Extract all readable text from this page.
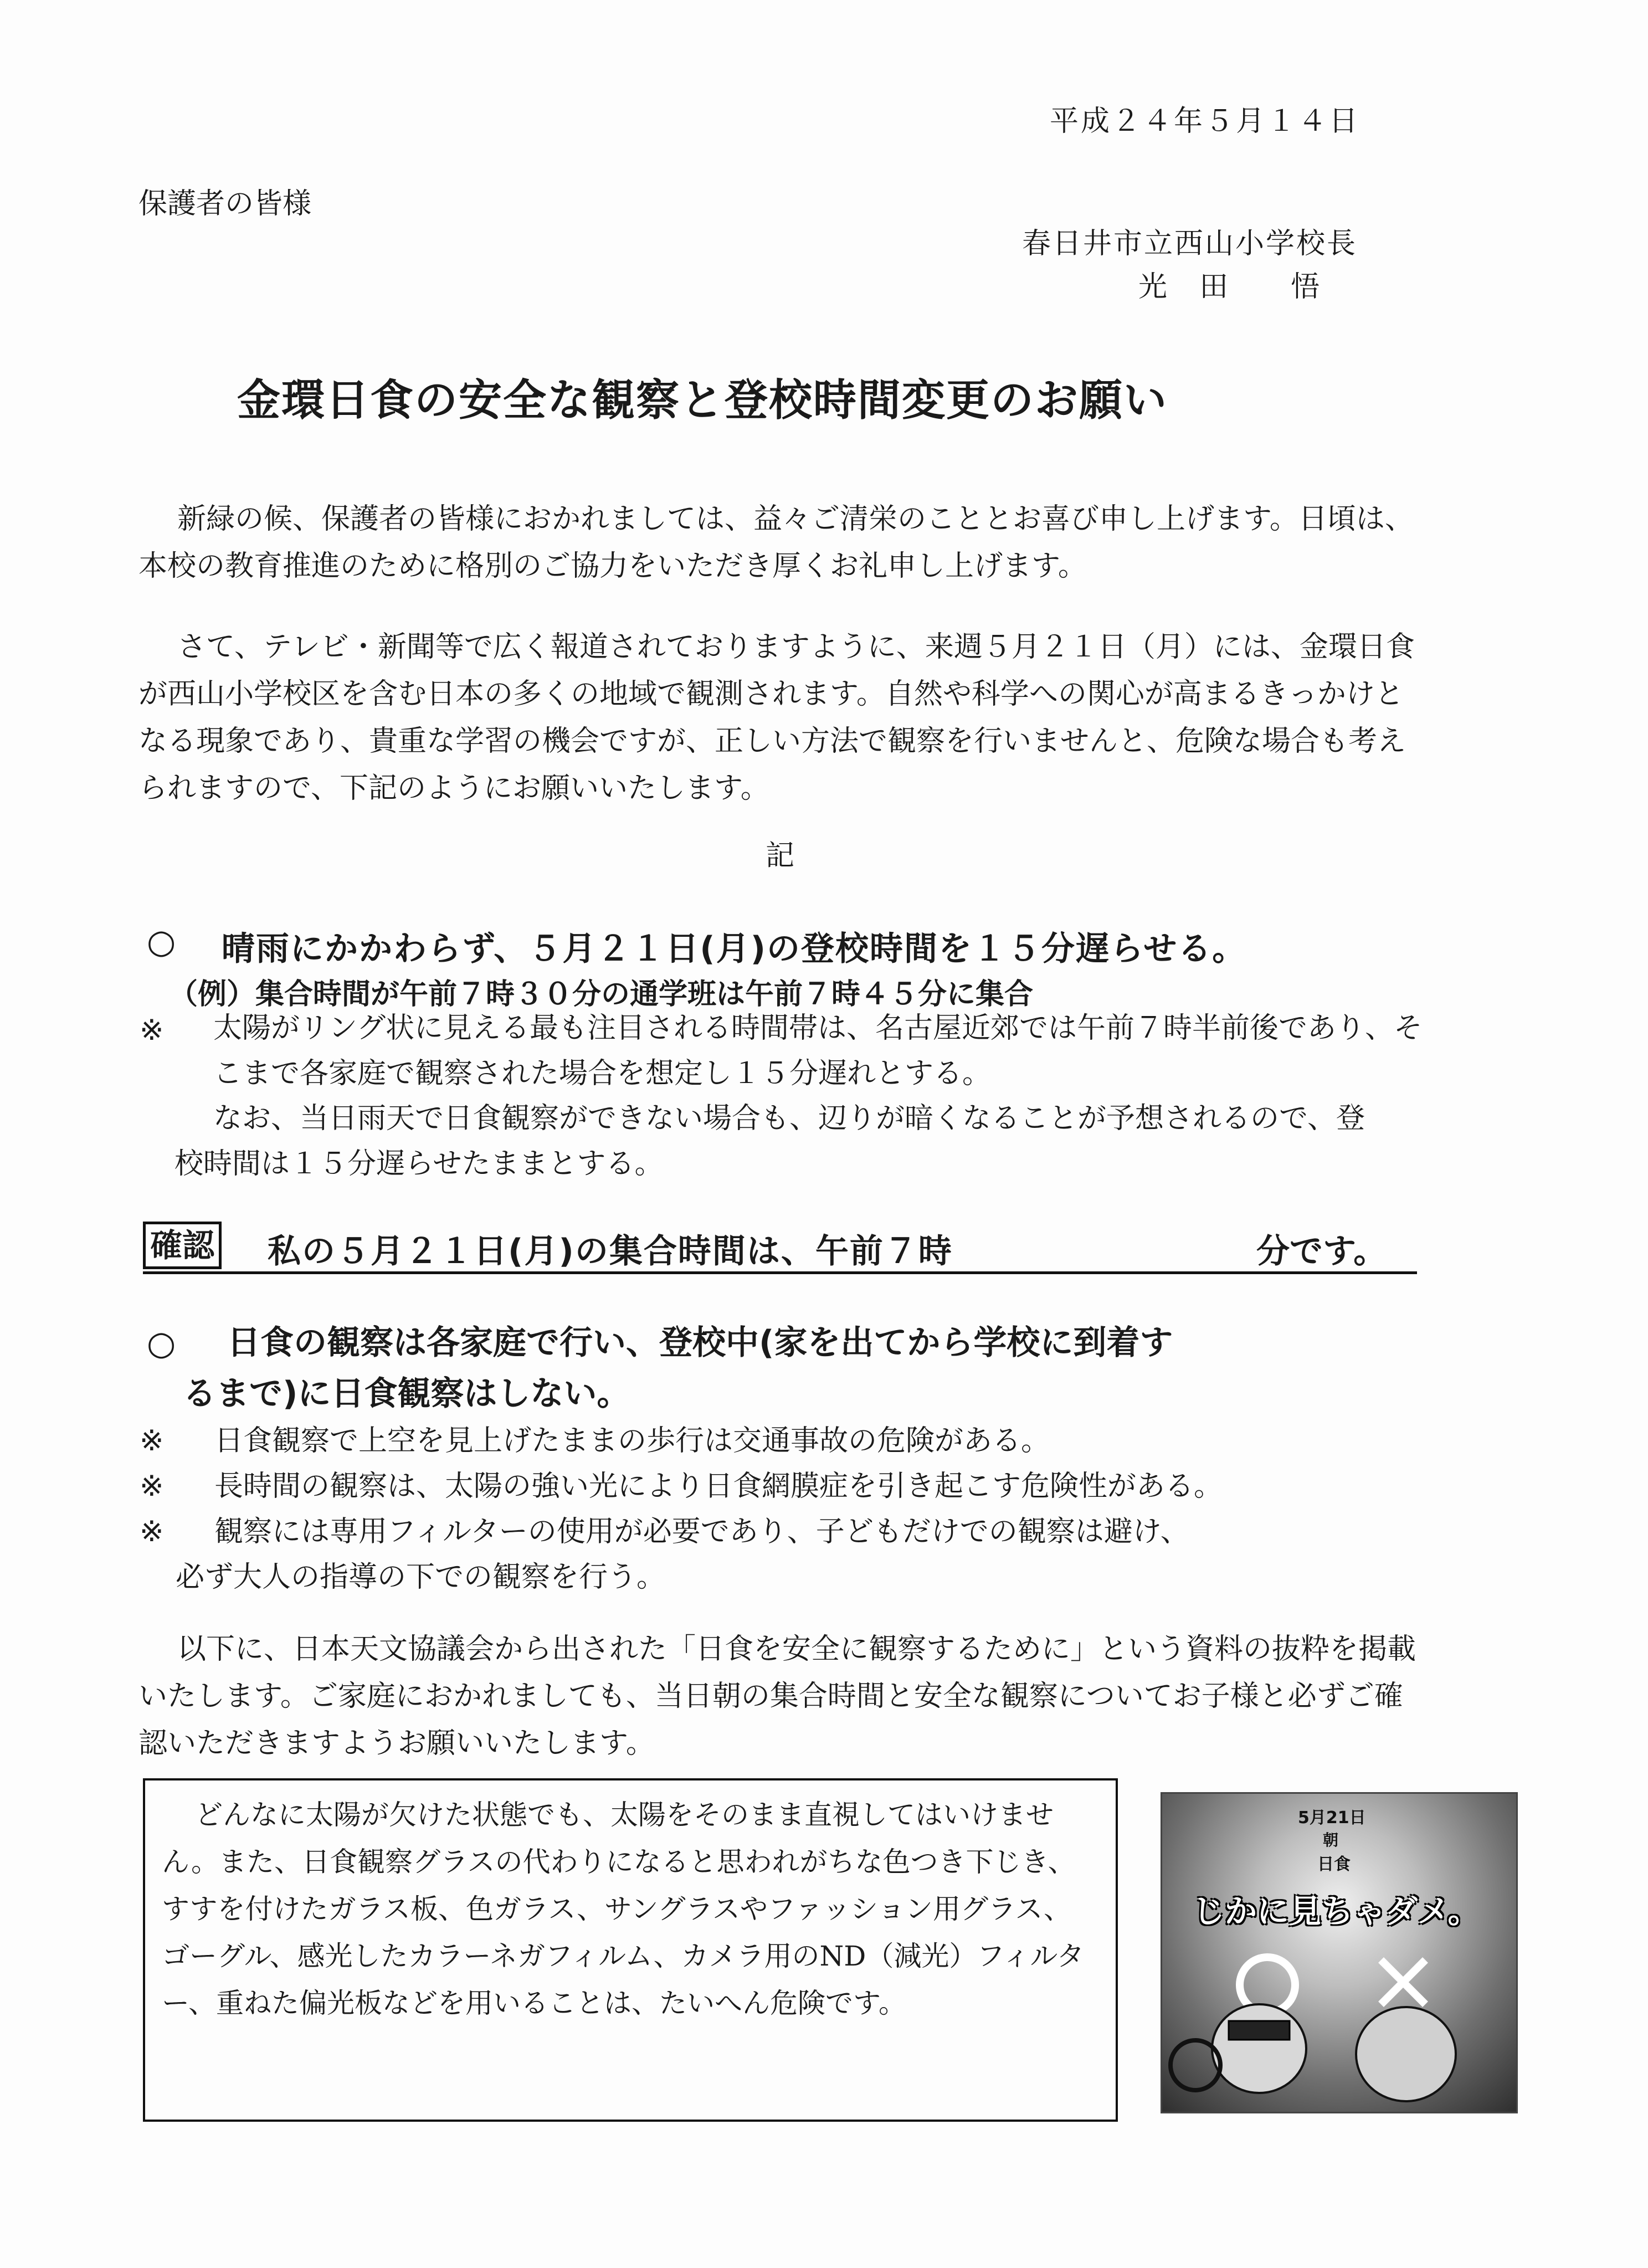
平成２４年５月１４日
保護者の皆様
春日井市立西山小学校長
光　田　　悟
金環日食の安全な観察と登校時間変更のお願い
新緑の候、保護者の皆様におかれましては、益々ご清栄のこととお喜び申し上げます。日頃は、本校の教育推進のために格別のご協力をいただき厚くお礼申し上げます。
さて、テレビ・新聞等で広く報道されておりますように、来週５月２１日（月）には、金環日食が西山小学校区を含む日本の多くの地域で観測されます。自然や科学への関心が高まるきっかけとなる現象であり、貴重な学習の機会ですが、正しい方法で観察を行いませんと、危険な場合も考えられますので、下記のようにお願いいたします。
記
○ 晴雨にかかわらず、５月２１日(月)の登校時間を１５分遅らせる。
（例）集合時間が午前７時３０分の通学班は午前７時４５分に集合
※ 太陽がリング状に見える最も注目される時間帯は、名古屋近郊では午前７時半前後であり、そこまで各家庭で観察された場合を想定し１５分遅れとする。
なお、当日雨天で日食観察ができない場合も、辺りが暗くなることが予想されるので、登校時間は１５分遅らせたままとする。
確認 私の５月２１日(月)の集合時間は、午前７時	分です。
○ 日食の観察は各家庭で行い、登校中(家を出てから学校に到着す
るまで)に日食観察はしない。
※ 日食観察で上空を見上げたままの歩行は交通事故の危険がある。
※ 長時間の観察は、太陽の強い光により日食網膜症を引き起こす危険性がある。
※ 観察には専用フィルターの使用が必要であり、子どもだけでの観察は避け、
必ず大人の指導の下での観察を行う。
以下に、日本天文協議会から出された「日食を安全に観察するために」という資料の抜粋を掲載いたします。ご家庭におかれましても、当日朝の集合時間と安全な観察についてお子様と必ずご確認いただきますようお願いいたします。
どんなに太陽が欠けた状態でも、太陽をそのまま直視してはいけません。また、日食観察グラスの代わりになると思われがちな色つき下じき、すすを付けたガラス板、色ガラス、サングラスやファッション用グラス、ゴーグル、感光したカラーネガフィルム、カメラ用のND（減光）フィルター、重ねた偏光板などを用いることは、たいへん危険です。
5月21日
朝
日食
じかに見ちゃダメ。
